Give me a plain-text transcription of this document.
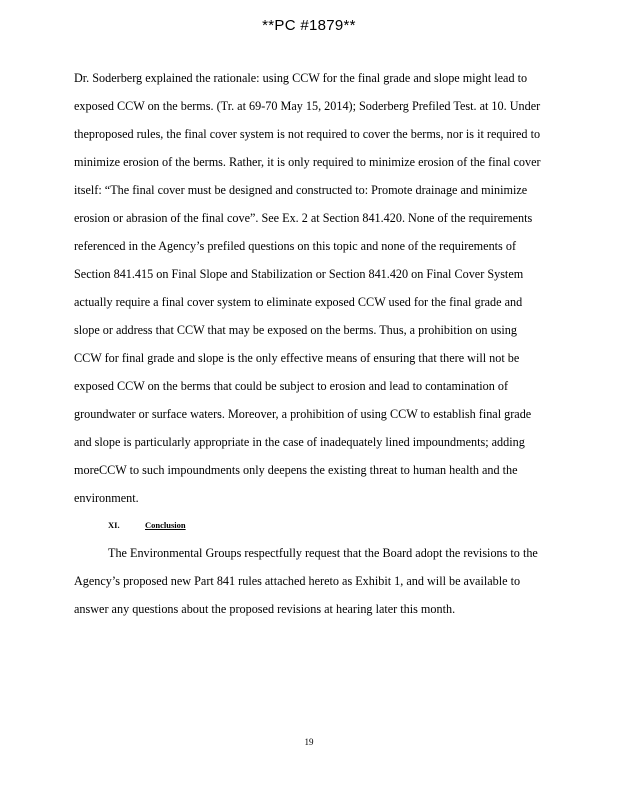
**PC #1879**
Dr. Soderberg explained the rationale: using CCW for the final grade and slope might lead to
exposed CCW on the berms. (Tr. at 69-70 May 15, 2014); Soderberg Prefiled Test. at 10. Under
theproposed rules, the final cover system is not required to cover the berms, nor is it required to
minimize erosion of the berms. Rather, it is only required to minimize erosion of the final cover
itself: “The final cover must be designed and constructed to: Promote drainage and minimize
erosion or abrasion of the final cove”. See Ex. 2 at Section 841.420. None of the requirements
referenced in the Agency’s prefiled questions on this topic and none of the requirements of
Section 841.415 on Final Slope and Stabilization or Section 841.420 on Final Cover System
actually require a final cover system to eliminate exposed CCW used for the final grade and
slope or address that CCW that may be exposed on the berms. Thus, a prohibition on using
CCW for final grade and slope is the only effective means of ensuring that there will not be
exposed CCW on the berms that could be subject to erosion and lead to contamination of
groundwater or surface waters. Moreover, a prohibition of using CCW to establish final grade
and slope is particularly appropriate in the case of inadequately lined impoundments; adding
moreCCW to such impoundments only deepens the existing threat to human health and the
environment.
XI.	Conclusion
The Environmental Groups respectfully request that the Board adopt the revisions to the
Agency’s proposed new Part 841 rules attached hereto as Exhibit 1, and will be available to
answer any questions about the proposed revisions at hearing later this month.
19
